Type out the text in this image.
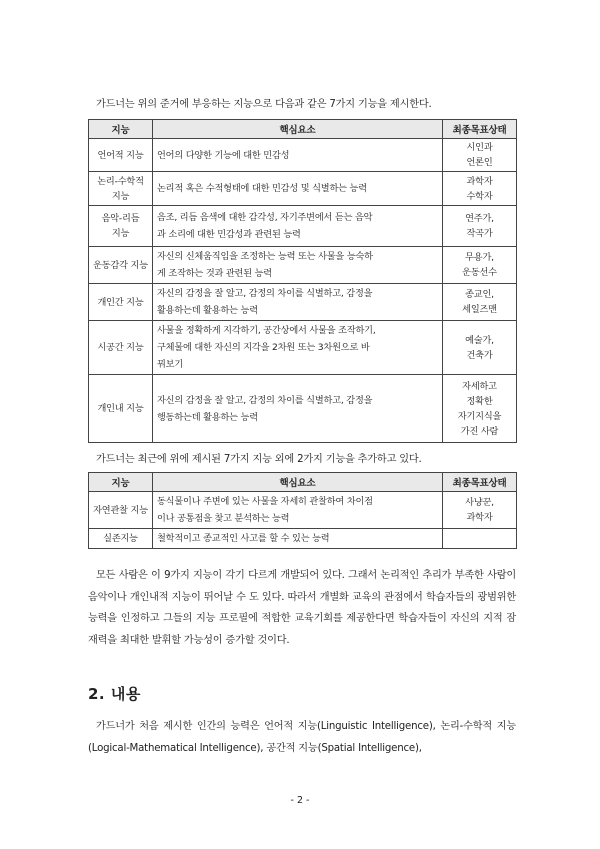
가드너는 위의 준거에 부응하는 지능으로 다음과 같은 7가지 기능을 제시한다.

지능	핵심요소	최종목표상태

언어적 지능	언어의 다양한 기능에 대한 민감성	시인과
언론인

논리-수학적
지능	논리적 혹은 수적형태에 대한 민감성 및 식별하는 능력	과학자
수학자

음악-리듬
지능	음조, 리듬 음색에 대한 감각성, 자기주변에서 듣는 음악
과 소리에 대한 민감성과 관련된 능력	연주가,
작곡가

운동감각 지능	자신의 신체움직임을 조정하는 능력 또는 사물을 능숙하
게 조작하는 것과 관련된 능력	무용가,
운동선수

개인간 지능	자신의 감정을 잘 알고, 감정의 차이를 식별하고, 감정을
활용하는데 활용하는 능력	종교인,
세일즈맨

시공간 지능	사물을 정확하게 지각하기, 공간상에서 사물을 조작하기,
구체물에 대한 자신의 지각을 2차원 또는 3차원으로 바
꿔보기	예술가,
건축가

개인내 지능	자신의 감정을 잘 알고, 감정의 차이를 식별하고, 감정을
행동하는데 활용하는 능력	자세하고
정확한
자기지식을
가진 사람

가드너는 최근에 위에 제시된 7가지 지능 외에 2가지 기능을 추가하고 있다.

지능	핵심요소	최종목표상태

자연관찰 지능	동식물이나 주변에 있는 사물을 자세히 관찰하여 차이점
이나 공통점을 찾고 분석하는 능력	사냥꾼,
과학자

실존지능	철학적이고 종교적인 사고를 할 수 있는 능력	

모든 사람은 이 9가지 지능이 각기 다르게 개발되어 있다. 그래서 논리적인 추리가 부족한 사람이 음악이나 개인내적 지능이 뛰어날 수 도 있다. 따라서 개별화 교육의 관점에서 학습자들의 광범위한 능력을 인정하고 그들의 지능 프로필에 적합한 교육기회를 제공한다면 학습자들이 자신의 지적 잠재력을 최대한 발휘할 가능성이 증가할 것이다.

2. 내용

가드너가 처음 제시한 인간의 능력은 언어적 지능(Linguistic Intelligence), 논리-수학적 지능(Logical-Mathematical Intelligence), 공간적 지능(Spatial Intelligence),

- 2 -
